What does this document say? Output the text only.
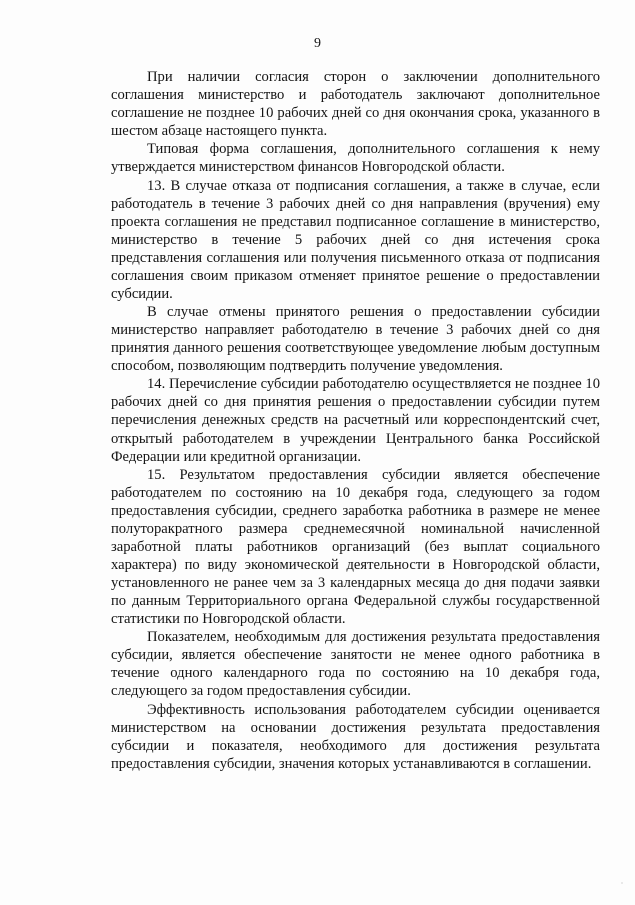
9

При наличии согласия сторон о заключении дополнительного соглашения министерство и работодатель заключают дополнительное соглашение не позднее 10 рабочих дней со дня окончания срока, указанного в шестом абзаце настоящего пункта.

Типовая форма соглашения, дополнительного соглашения к нему утверждается министерством финансов Новгородской области.

13. В случае отказа от подписания соглашения, а также в случае, если работодатель в течение 3 рабочих дней со дня направления (вручения) ему проекта соглашения не представил подписанное соглашение в министерство, министерство в течение 5 рабочих дней со дня истечения срока представления соглашения или получения письменного отказа от подписания соглашения своим приказом отменяет принятое решение о предоставлении субсидии.

В случае отмены принятого решения о предоставлении субсидии министерство направляет работодателю в течение 3 рабочих дней со дня принятия данного решения соответствующее уведомление любым доступным способом, позволяющим подтвердить получение уведомления.

14. Перечисление субсидии работодателю осуществляется не позднее 10 рабочих дней со дня принятия решения о предоставлении субсидии путем перечисления денежных средств на расчетный или корреспондентский счет, открытый работодателем в учреждении Центрального банка Российской Федерации или кредитной организации.

15. Результатом предоставления субсидии является обеспечение работодателем по состоянию на 10 декабря года, следующего за годом предоставления субсидии, среднего заработка работника в размере не менее полуторакратного размера среднемесячной номинальной начисленной заработной платы работников организаций (без выплат социального характера) по виду экономической деятельности в Новгородской области, установленного не ранее чем за 3 календарных месяца до дня подачи заявки по данным Территориального органа Федеральной службы государственной статистики по Новгородской области.

Показателем, необходимым для достижения результата предоставления субсидии, является обеспечение занятости не менее одного работника в течение одного календарного года по состоянию на 10 декабря года, следующего за годом предоставления субсидии.

Эффективность использования работодателем субсидии оценивается министерством на основании достижения результата предоставления субсидии и показателя, необходимого для достижения результата предоставления субсидии, значения которых устанавливаются в соглашении.
